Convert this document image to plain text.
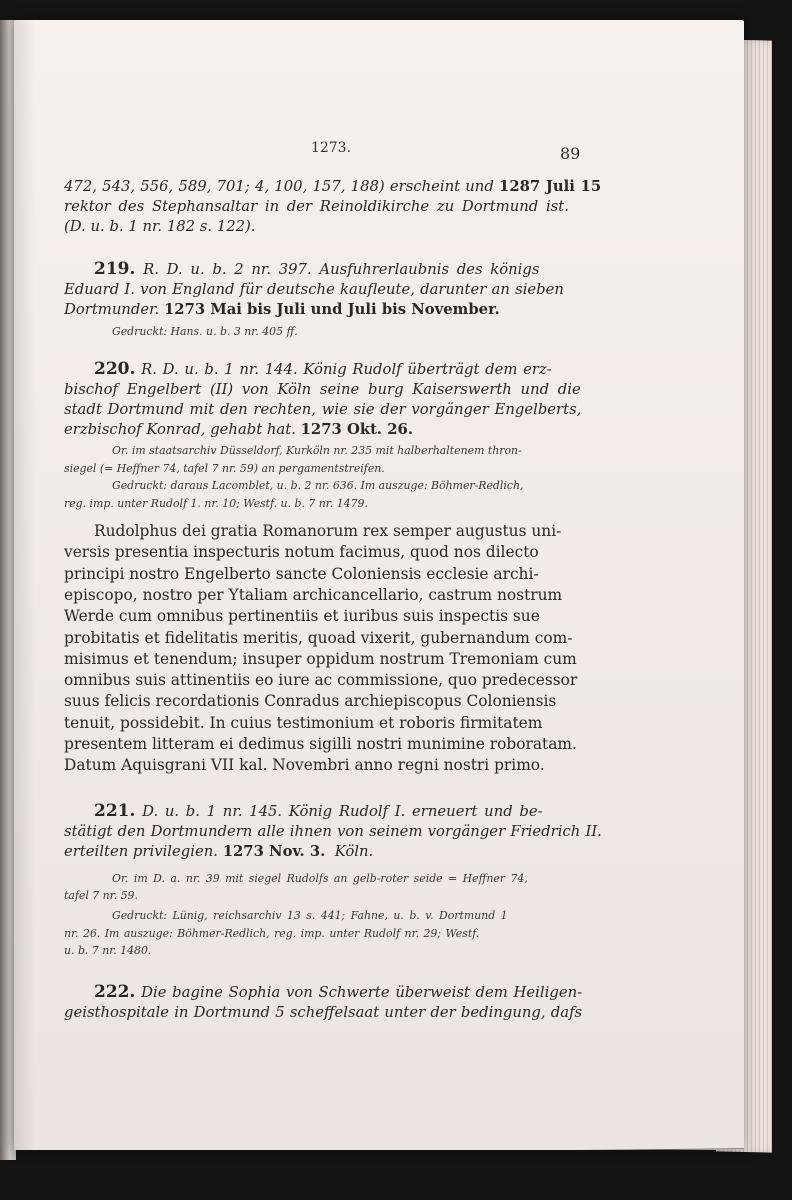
1273.	89

472, 543, 556, 589, 701; 4, 100, 157, 188) erscheint und 1287 Juli 15

rektor des Stephansaltar in der Reinoldikirche zu Dortmund ist.

(D. u. b. 1 nr. 182 s. 122).

219. R. D. u. b. 2 nr. 397. Ausfuhrerlaubnis des königs

Eduard I. von England für deutsche kaufleute, darunter an sieben

Dortmunder. 1273 Mai bis Juli und Juli bis November.

Gedruckt: Hans. u. b. 3 nr. 405 ff.

220. R. D. u. b. 1 nr. 144. König Rudolf überträgt dem erz-

bischof Engelbert (II) von Köln seine burg Kaiserswerth und die

stadt Dortmund mit den rechten, wie sie der vorgänger Engelberts,

erzbischof Konrad, gehabt hat. 1273 Okt. 26.

Or. im staatsarchiv Düsseldorf, Kurköln nr. 235 mit halberhaltenem thron-

siegel (= Heffner 74, tafel 7 nr. 59) an pergamentstreifen.

Gedruckt: daraus Lacomblet, u. b. 2 nr. 636. Im auszuge: Böhmer-Redlich,

reg. imp. unter Rudolf 1. nr. 10; Westf. u. b. 7 nr. 1479.

Rudolphus dei gratia Romanorum rex semper augustus uni-

versis presentia inspecturis notum facimus, quod nos dilecto

principi nostro Engelberto sancte Coloniensis ecclesie archi-

episcopo, nostro per Ytaliam archicancellario, castrum nostrum

Werde cum omnibus pertinentiis et iuribus suis inspectis sue

probitatis et fidelitatis meritis, quoad vixerit, gubernandum com-

misimus et tenendum; insuper oppidum nostrum Tremoniam cum

omnibus suis attinentiis eo iure ac commissione, quo predecessor

suus felicis recordationis Conradus archiepiscopus Coloniensis

tenuit, possidebit. In cuius testimonium et roboris firmitatem

presentem litteram ei dedimus sigilli nostri munimine roboratam.

Datum Aquisgrani VII kal. Novembri anno regni nostri primo.

221. D. u. b. 1 nr. 145. König Rudolf I. erneuert und be-

stätigt den Dortmundern alle ihnen von seinem vorgänger Friedrich II.

erteilten privilegien. 1273 Nov. 3. Köln.

Or. im D. a. nr. 39 mit siegel Rudolfs an gelb-roter seide = Heffner 74,

tafel 7 nr. 59.

Gedruckt: Lünig, reichsarchiv 13 s. 441; Fahne, u. b. v. Dortmund 1

nr. 26. Im auszuge: Böhmer-Redlich, reg. imp. unter Rudolf nr. 29; Westf.

u. b. 7 nr. 1480.

222. Die bagine Sophia von Schwerte überweist dem Heiligen-

geisthospitale in Dortmund 5 scheffelsaat unter der bedingung, dafs
